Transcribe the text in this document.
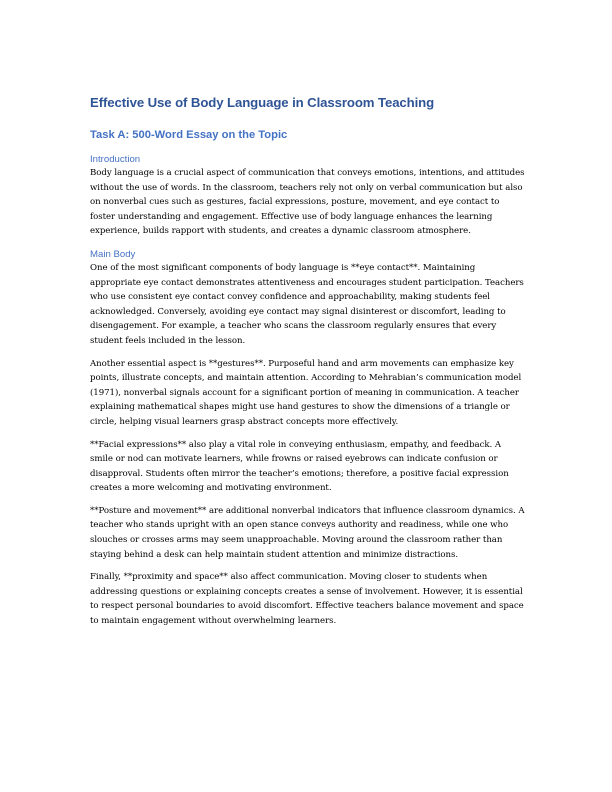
Effective Use of Body Language in Classroom Teaching
Task A: 500-Word Essay on the Topic
Introduction

Body language is a crucial aspect of communication that conveys emotions, intentions, and attitudes without the use of words. In the classroom, teachers rely not only on verbal communication but also on nonverbal cues such as gestures, facial expressions, posture, movement, and eye contact to foster understanding and engagement. Effective use of body language enhances the learning experience, builds rapport with students, and creates a dynamic classroom atmosphere.

Main Body

One of the most significant components of body language is **eye contact**. Maintaining appropriate eye contact demonstrates attentiveness and encourages student participation. Teachers who use consistent eye contact convey confidence and approachability, making students feel acknowledged. Conversely, avoiding eye contact may signal disinterest or discomfort, leading to disengagement. For example, a teacher who scans the classroom regularly ensures that every student feels included in the lesson.

Another essential aspect is **gestures**. Purposeful hand and arm movements can emphasize key points, illustrate concepts, and maintain attention. According to Mehrabian’s communication model (1971), nonverbal signals account for a significant portion of meaning in communication. A teacher explaining mathematical shapes might use hand gestures to show the dimensions of a triangle or circle, helping visual learners grasp abstract concepts more effectively.

**Facial expressions** also play a vital role in conveying enthusiasm, empathy, and feedback. A smile or nod can motivate learners, while frowns or raised eyebrows can indicate confusion or disapproval. Students often mirror the teacher’s emotions; therefore, a positive facial expression creates a more welcoming and motivating environment.

**Posture and movement** are additional nonverbal indicators that influence classroom dynamics. A teacher who stands upright with an open stance conveys authority and readiness, while one who slouches or crosses arms may seem unapproachable. Moving around the classroom rather than staying behind a desk can help maintain student attention and minimize distractions.

Finally, **proximity and space** also affect communication. Moving closer to students when addressing questions or explaining concepts creates a sense of involvement. However, it is essential to respect personal boundaries to avoid discomfort. Effective teachers balance movement and space to maintain engagement without overwhelming learners.
